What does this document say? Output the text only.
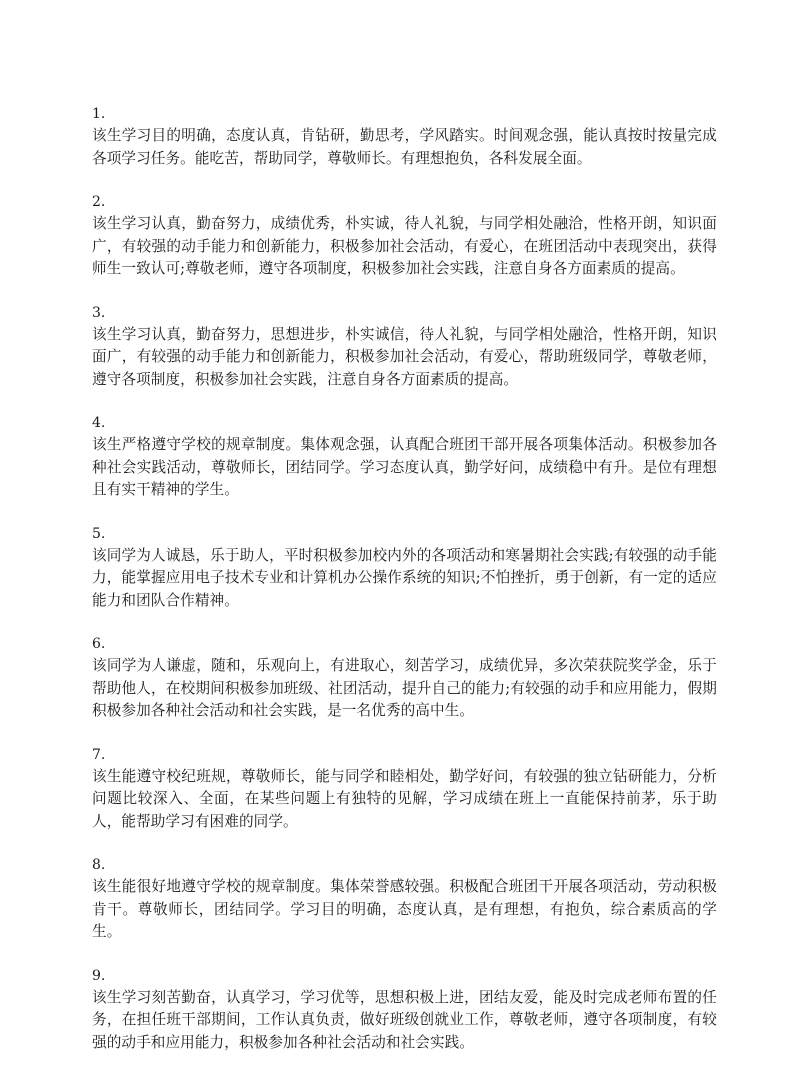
1.
该生学习目的明确，态度认真，肯钻研，勤思考，学风踏实。时间观念强，能认真按时按量完成各项学习任务。能吃苦，帮助同学，尊敬师长。有理想抱负，各科发展全面。
2.
该生学习认真，勤奋努力，成绩优秀，朴实诚，待人礼貌，与同学相处融洽，性格开朗，知识面广，有较强的动手能力和创新能力，积极参加社会活动，有爱心，在班团活动中表现突出，获得师生一致认可;尊敬老师，遵守各项制度，积极参加社会实践，注意自身各方面素质的提高。
3.
该生学习认真，勤奋努力，思想进步，朴实诚信，待人礼貌，与同学相处融洽，性格开朗，知识面广，有较强的动手能力和创新能力，积极参加社会活动，有爱心，帮助班级同学，尊敬老师，遵守各项制度，积极参加社会实践，注意自身各方面素质的提高。
4.
该生严格遵守学校的规章制度。集体观念强，认真配合班团干部开展各项集体活动。积极参加各种社会实践活动，尊敬师长，团结同学。学习态度认真，勤学好问，成绩稳中有升。是位有理想且有实干精神的学生。
5.
该同学为人诚恳，乐于助人，平时积极参加校内外的各项活动和寒暑期社会实践;有较强的动手能力，能掌握应用电子技术专业和计算机办公操作系统的知识;不怕挫折，勇于创新，有一定的适应能力和团队合作精神。
6.
该同学为人谦虚，随和，乐观向上，有进取心，刻苦学习，成绩优异，多次荣获院奖学金，乐于帮助他人，在校期间积极参加班级、社团活动，提升自己的能力;有较强的动手和应用能力，假期积极参加各种社会活动和社会实践，是一名优秀的高中生。
7.
该生能遵守校纪班规，尊敬师长，能与同学和睦相处，勤学好问，有较强的独立钻研能力，分析问题比较深入、全面，在某些问题上有独特的见解，学习成绩在班上一直能保持前茅，乐于助人，能帮助学习有困难的同学。
8.
该生能很好地遵守学校的规章制度。集体荣誉感较强。积极配合班团干开展各项活动，劳动积极肯干。尊敬师长，团结同学。学习目的明确，态度认真，是有理想，有抱负，综合素质高的学生。
9.
该生学习刻苦勤奋，认真学习，学习优等，思想积极上进，团结友爱，能及时完成老师布置的任务，在担任班干部期间，工作认真负责，做好班级创就业工作，尊敬老师，遵守各项制度，有较强的动手和应用能力，积极参加各种社会活动和社会实践。
